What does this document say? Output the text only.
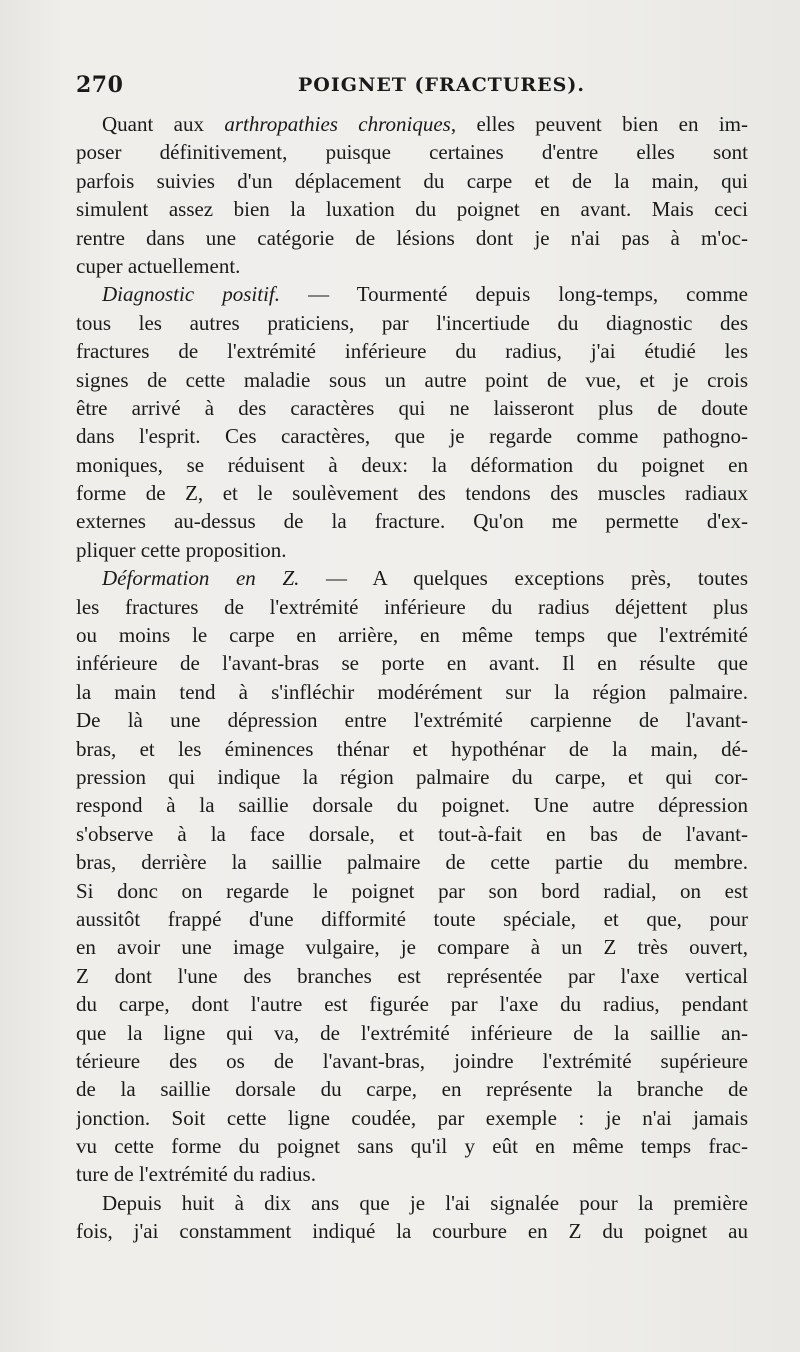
270	POIGNET (FRACTURES).
Quant aux arthropathies chroniques, elles peuvent bien en im-
poser définitivement, puisque certaines d'entre elles sont
parfois suivies d'un déplacement du carpe et de la main, qui
simulent assez bien la luxation du poignet en avant. Mais ceci
rentre dans une catégorie de lésions dont je n'ai pas à m'oc-
cuper actuellement.
Diagnostic positif. — Tourmenté depuis long-temps, comme
tous les autres praticiens, par l'incertiude du diagnostic des
fractures de l'extrémité inférieure du radius, j'ai étudié les
signes de cette maladie sous un autre point de vue, et je crois
être arrivé à des caractères qui ne laisseront plus de doute
dans l'esprit. Ces caractères, que je regarde comme pathogno-
moniques, se réduisent à deux: la déformation du poignet en
forme de Z, et le soulèvement des tendons des muscles radiaux
externes au-dessus de la fracture. Qu'on me permette d'ex-
pliquer cette proposition.
Déformation en Z. — A quelques exceptions près, toutes
les fractures de l'extrémité inférieure du radius déjettent plus
ou moins le carpe en arrière, en même temps que l'extrémité
inférieure de l'avant-bras se porte en avant. Il en résulte que
la main tend à s'infléchir modérément sur la région palmaire.
De là une dépression entre l'extrémité carpienne de l'avant-
bras, et les éminences thénar et hypothénar de la main, dé-
pression qui indique la région palmaire du carpe, et qui cor-
respond à la saillie dorsale du poignet. Une autre dépression
s'observe à la face dorsale, et tout-à-fait en bas de l'avant-
bras, derrière la saillie palmaire de cette partie du membre.
Si donc on regarde le poignet par son bord radial, on est
aussitôt frappé d'une difformité toute spéciale, et que, pour
en avoir une image vulgaire, je compare à un Z très ouvert,
Z dont l'une des branches est représentée par l'axe vertical
du carpe, dont l'autre est figurée par l'axe du radius, pendant
que la ligne qui va, de l'extrémité inférieure de la saillie an-
térieure des os de l'avant-bras, joindre l'extrémité supérieure
de la saillie dorsale du carpe, en représente la branche de
jonction. Soit cette ligne coudée, par exemple : je n'ai jamais
vu cette forme du poignet sans qu'il y eût en même temps frac-
ture de l'extrémité du radius.
Depuis huit à dix ans que je l'ai signalée pour la première
fois, j'ai constamment indiqué la courbure en Z du poignet au
